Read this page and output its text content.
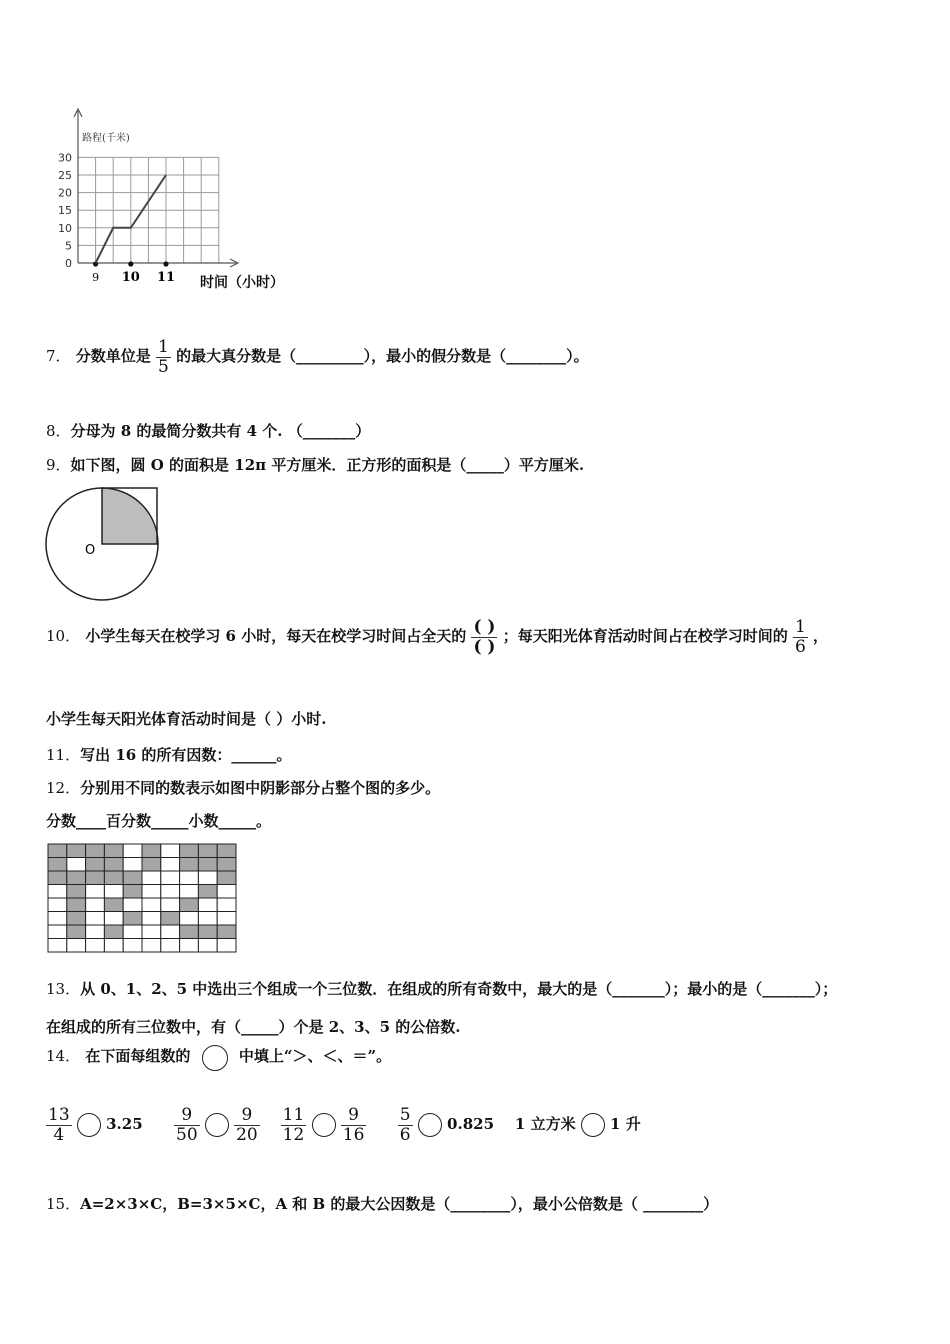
路程(千米)
0
5
10
15
20
25
30
9 10 11 时间（小时）
7． 分数单位是 $\frac{1}{5}$ 的最大真分数是（_________），最小的假分数是（________）。
8．分母为 8 的最简分数共有 4 个. （_______）
9．如下图，圆 O 的面积是 12π 平方厘米．正方形的面积是（_____）平方厘米.
O
10． 小学生每天在校学习 6 小时，每天在校学习时间占全天的 $\frac{( )}{( )}$ ；每天阳光体育活动时间占在校学习时间的 $\frac{1}{6}$ ，
小学生每天阳光体育活动时间是（ ）小时.
11．写出 16 的所有因数：______。
12．分别用不同的数表示如图中阴影部分占整个图的多少。
分数____百分数_____小数_____。
13．从 0、1、2、5 中选出三个组成一个三位数．在组成的所有奇数中，最大的是（_______）；最小的是（_______）；
在组成的所有三位数中，有（_____）个是 2、3、5 的公倍数.
14． 在下面每组数的	中填上“＞、＜、＝”。
$\frac{13}{4} 3.25 \frac{9}{50}$
$\frac{9}{20}$
$\frac{11}{12}$
$\frac{9}{16}$
$\frac{5}{6} 0.825$ 1 立方米 1 升
15．A=2×3×C，B=3×5×C，A 和 B 的最大公因数是（________），最小公倍数是（ ________）
